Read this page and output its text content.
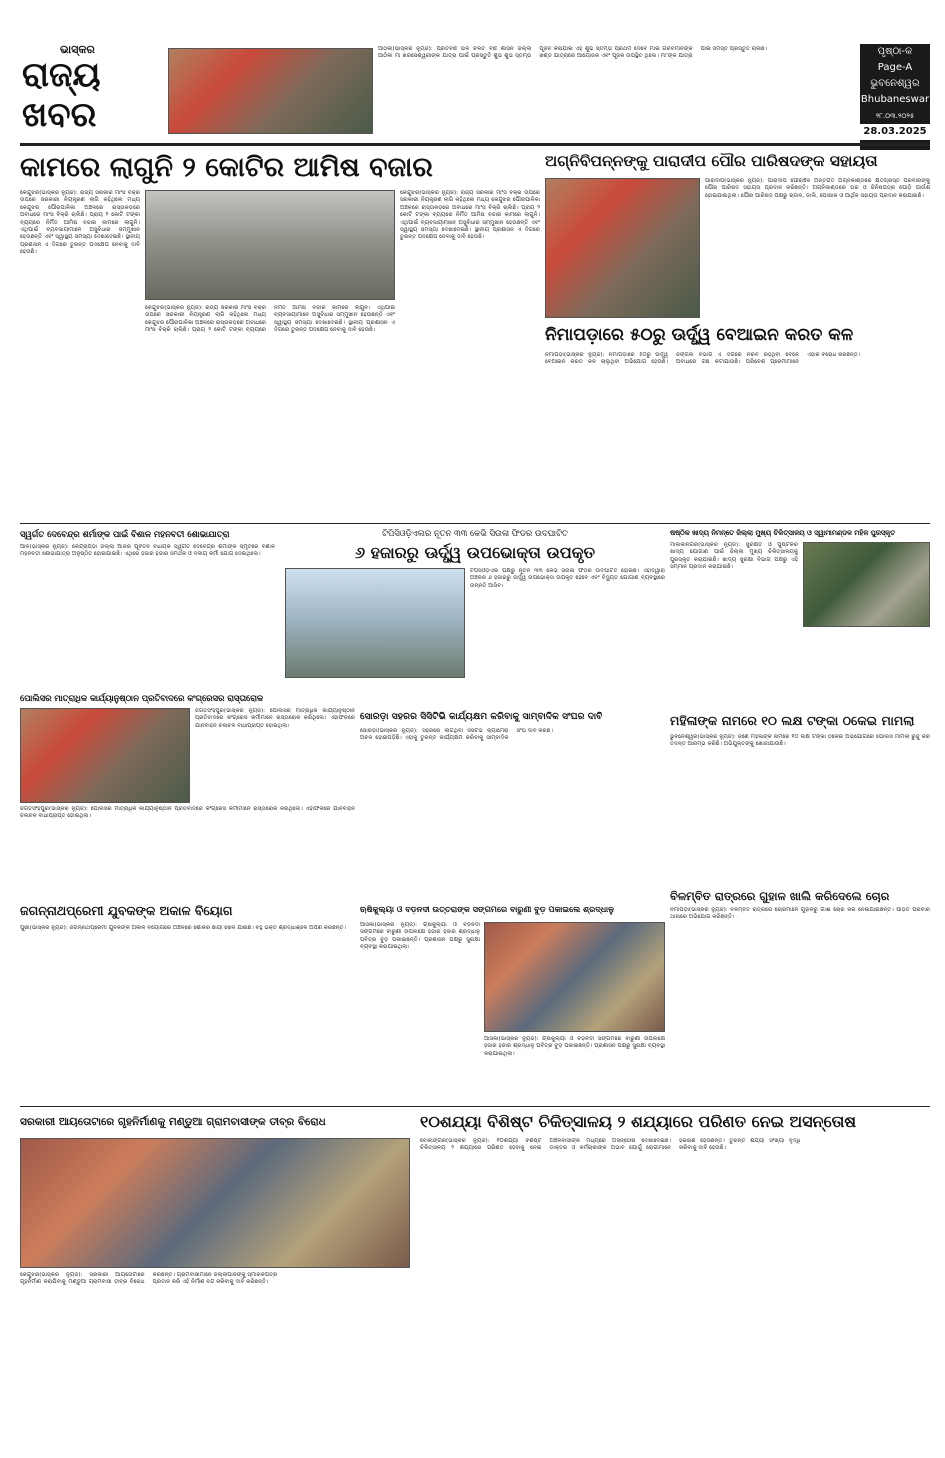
ଭାସ୍କର
ରାଜ୍ୟ
ଖବର
ଆଠିକା(ଭାସ୍କର ନ୍ୟୁଜ): ପ୍ରତିବର୍ଷ ଭଳି ଚଳିତ ବର୍ଷ ଶାସନ ଜିଲ୍ଲା ଆଠିକା ମା ଖରସେଶ୍ୱରୀଙ୍କ ଯାତ୍ରା ପାଇଁ ପ୍ରସ୍ତୁତି ଶୁଭ ଶୁଭ ସ୍ତମ୍ଭ ପୂଜନ କରାଯାଇ ଏହି ଶୁଭ ସ୍ତମ୍ଭ ପ୍ରଥମ ଦେବେ ମାଇ ଗରିବମାନଙ୍କ ଖଣ୍ଡ ଯାତ୍ରାରେ ଆୟୋଜକ ଏବଂ ପୂଜକ ଉପସ୍ଥିତ ଥିଲେ। ମା'ଙ୍କ ଯାତ୍ରା ପାଇଁ ସମସ୍ତ ପ୍ରସ୍ତୁତି ଚାଲିଛି।	ପୃଷ୍ଠା-କ
Page-A
ଭୁବନେଶ୍ୱର
Bhubaneswar
୨୮.୦୩.୨୦୨୫
28.03.2025
କାମରେ ଲାଗୁନି ୨ କୋଟିର ଆମିଷ ବଜାର
କେନ୍ଦୁଝର(ଭାସ୍କର ନ୍ୟୁଜ): ରାଜ୍ୟ ସରକାର ମାଂସ ବିକ୍ରି ଉପରେ ସରକାରୀ ନିୟନ୍ତ୍ରଣ ଲାଗି କହିଥିଲେ ମଧ୍ୟ କେନ୍ଦୁଝର ପୌରପାଳିକା ଅଞ୍ଚଳରେ ରାସ୍ତାକଡ଼ରେ ଅବାଧରେ ମାଂସ ବିକ୍ରି ଚାଲିଛି। ପ୍ରାୟ ୨ କୋଟି ଟଙ୍କା ବ୍ୟୟରେ ନିର୍ମିତ ଆମିଷ ବଜାର କାମରେ ଲାଗୁନି। ଏଥିପାଇଁ ବ୍ୟବସାୟୀମାନେ ଅସୁବିଧାର ସମ୍ମୁଖୀନ ହେଉଛନ୍ତି ଏବଂ ସ୍ୱାସ୍ଥ୍ୟ ସମସ୍ୟା ଦେଖାଦେଇଛି। ସ୍ଥାନୀୟ ପ୍ରଶାସନ ଏ ଦିଗରେ ତୁରନ୍ତ ପଦକ୍ଷେପ ନେବାକୁ ଦାବି ହେଉଛି।
କେନ୍ଦୁଝର(ଭାସ୍କର ନ୍ୟୁଜ): ରାଜ୍ୟ ସରକାର ମାଂସ ବିକ୍ରି ଉପରେ ସରକାରୀ ନିୟନ୍ତ୍ରଣ ଲାଗି କହିଥିଲେ ମଧ୍ୟ କେନ୍ଦୁଝର ପୌରପାଳିକା ଅଞ୍ଚଳରେ ରାସ୍ତାକଡ଼ରେ ଅବାଧରେ ମାଂସ ବିକ୍ରି ଚାଲିଛି। ପ୍ରାୟ ୨ କୋଟି ଟଙ୍କା ବ୍ୟୟରେ ନିର୍ମିତ ଆମିଷ ବଜାର କାମରେ ଲାଗୁନି। ଏଥିପାଇଁ ବ୍ୟବସାୟୀମାନେ ଅସୁବିଧାର ସମ୍ମୁଖୀନ ହେଉଛନ୍ତି ଏବଂ ସ୍ୱାସ୍ଥ୍ୟ ସମସ୍ୟା ଦେଖାଦେଇଛି। ସ୍ଥାନୀୟ ପ୍ରଶାସନ ଏ ଦିଗରେ ତୁରନ୍ତ ପଦକ୍ଷେପ ନେବାକୁ ଦାବି ହେଉଛି।
କେନ୍ଦୁଝର(ଭାସ୍କର ନ୍ୟୁଜ): ରାଜ୍ୟ ସରକାର ମାଂସ ବିକ୍ରି ଉପରେ ସରକାରୀ ନିୟନ୍ତ୍ରଣ ଲାଗି କହିଥିଲେ ମଧ୍ୟ କେନ୍ଦୁଝର ପୌରପାଳିକା ଅଞ୍ଚଳରେ ରାସ୍ତାକଡ଼ରେ ଅବାଧରେ ମାଂସ ବିକ୍ରି ଚାଲିଛି। ପ୍ରାୟ ୨ କୋଟି ଟଙ୍କା ବ୍ୟୟରେ ନିର୍ମିତ ଆମିଷ ବଜାର କାମରେ ଲାଗୁନି। ଏଥିପାଇଁ ବ୍ୟବସାୟୀମାନେ ଅସୁବିଧାର ସମ୍ମୁଖୀନ ହେଉଛନ୍ତି ଏବଂ ସ୍ୱାସ୍ଥ୍ୟ ସମସ୍ୟା ଦେଖାଦେଇଛି। ସ୍ଥାନୀୟ ପ୍ରଶାସନ ଏ ଦିଗରେ ତୁରନ୍ତ ପଦକ୍ଷେପ ନେବାକୁ ଦାବି ହେଉଛି।
ଅଗ୍ନିବିପନ୍ନଙ୍କୁ ପାରାଦୀପ ପୌର ପାରିଷଦଙ୍କ ସହାୟତା
ପାରାଦୀପ(ଭାସ୍କର ନ୍ୟୁଜ): ପାରାଦୀପ ପୌରାଞ୍ଚଳ ଅନ୍ତର୍ଗତ ଅଗ୍ନିକାଣ୍ଡରେ କ୍ଷତିଗ୍ରସ୍ତ ପରିବାରଙ୍କୁ ପୌର ପାରିଷଦ ସହାୟତା ପ୍ରଦାନ କରିଛନ୍ତି। ଅଗ୍ନିକାଣ୍ଡରେ ଘର ଓ ଜିନିଷପତ୍ର ପୋଡ଼ି ପାଉଁଶ ହୋଇଯାଇଥିଲା। ପୌର ପାରିଷଦ ପକ୍ଷରୁ ଚାଉଳ, ଡାଲି, ପୋଷାକ ଓ ଆର୍ଥିକ ସହାୟତା ପ୍ରଦାନ କରାଯାଇଛି।
ନିମାପଡ଼ାରେ ୫୦ରୁ ଊର୍ଦ୍ଧ୍ୱ ବେଆଇନ କରତ କଳ
ନିମାପଡ଼ା(ଭାସ୍କର ନ୍ୟୁଜ): ନିମାପଡ଼ାରେ ୫୦ରୁ ଊର୍ଦ୍ଧ୍ୱ ବେଆଇନ କରତ କଳ ଚାଲୁଥିବା ଅଭିଯୋଗ ହେଉଛି। ଜଙ୍ଗଲ ବିଭାଗ ଏ ଦିଗରେ ନିରବ ରହିଥିବା ବେଳେ ଅବାଧରେ ଗଛ କଟାଯାଉଛି। ପରିବେଶ ପ୍ରେମୀମାନେ ଏହାର ବିରୋଧ କରିଛନ୍ତି।
ସ୍ୱର୍ଗତ ଦେବେନ୍ଦ୍ର ଶର୍ମାଙ୍କ ପାଇଁ ବିଶାଳ ମହନବତୀ ଶୋଭାଯାତ୍ରା
ଆଳି(ଭାସ୍କର ନ୍ୟୁଜ): କେନ୍ଦ୍ରାପଡ଼ା ଜିଲ୍ଲା ଆଳିର ପୂର୍ବତନ ବିଧାୟକ ସ୍ୱର୍ଗତ ଦେବେନ୍ଦ୍ର ଶର୍ମାଙ୍କ ସ୍ମୃତିରେ ବିଶାଳ ମହନବତୀ ଶୋଭାଯାତ୍ରା ଅନୁଷ୍ଠିତ ହୋଇଯାଇଛି। ଏଥିରେ ହଜାର ହଜାର ସମର୍ଥକ ଓ ଦଳୀୟ କର୍ମୀ ଯୋଗ ଦେଇଥିଲେ।
ଟିପିସିଓଡ଼ିଏଲର ନୂତନ ୩୩ କେଭି ସିଉଳା ଫିଡର ଉଦଘାଟିତ
୬ ହଜାରରୁ ଊର୍ଦ୍ଧ୍ୱ ଉପଭୋକ୍ତା ଉପକୃତ
ଟିପିସିଓଡ଼ିଏଲ ପକ୍ଷରୁ ନୂତନ ୩୩ କେଭି ସିଉଳା ଫିଡର ଉଦଘାଟିତ ହୋଇଛି। ଏହାଦ୍ୱାରା ଅଞ୍ଚଳର ୬ ହଜାରରୁ ଊର୍ଦ୍ଧ୍ୱ ଉପଭୋକ୍ତା ଉପକୃତ ହେବେ ଏବଂ ବିଦ୍ୟୁତ ଯୋଗାଣ ବ୍ୟବସ୍ଥାରେ ଉନ୍ନତି ଆସିବ।
ଷଷ୍ଠିକ ଖାଦ୍ୟ ନିମନ୍ତେ ଜିଲ୍ଲା ମୁଖ୍ୟ ଚିକିତ୍ସାଳୟ ଓ ସ୍ୱାମୀମଣ୍ଡଳ ମହିଳ ପୁରସ୍କୃତ
ମାଲକାନଗିରି(ଭାସ୍କର ନ୍ୟୁଜ): ସୁରକ୍ଷିତ ଓ ପୁଷ୍ଟିକର ଖାଦ୍ୟ ଯୋଗାଣ ପାଇଁ ଜିଲ୍ଲା ମୁଖ୍ୟ ଚିକିତ୍ସାଳୟକୁ ପୁରସ୍କୃତ କରାଯାଇଛି। ଖାଦ୍ୟ ସୁରକ୍ଷା ବିଭାଗ ପକ୍ଷରୁ ଏହି ସମ୍ମାନ ପ୍ରଦାନ କରାଯାଇଛି।
ମହିଳାଙ୍କ ନାମରେ ୧୦ ଲକ୍ଷ ଟଙ୍କା ଠକେଇ ମାମଲା
ଭୁବନେଶ୍ୱର(ଭାସ୍କର ନ୍ୟୁଜ): ଜଣେ ମହିଳାଙ୍କ ନାମରେ ୧୦ ଲକ୍ଷ ଟଙ୍କା ଠକେଇ ଅଭିଯୋଗରେ ପୋଲିସ ମାମଲା ରୁଜୁ କରି ତଦନ୍ତ ଆରମ୍ଭ କରିଛି। ଅଭିଯୁକ୍ତଙ୍କୁ ଖୋଜାଯାଉଛି।
ପୋଲିସର ମାତ୍ରାଧିକ କାର୍ଯ୍ୟାନୁଷ୍ଠାନ ପ୍ରତିବାଦରେ କଂଗ୍ରେସର ରାସ୍ତାରୋକ
ଜଗତସିଂହପୁର(ଭାସ୍କର ନ୍ୟୁଜ): ପୋଲିସର ମାତ୍ରାଧିକ କାର୍ଯ୍ୟାନୁଷ୍ଠାନ ପ୍ରତିବାଦରେ କଂଗ୍ରେସ କର୍ମୀମାନେ ରାସ୍ତାରୋକ କରିଥିଲେ। ଏହାଫଳରେ ଯାନବାହନ ଚଳାଚଳ ବାଧାପ୍ରାପ୍ତ ହୋଇଥିଲା।
ଜଗତସିଂହପୁର(ଭାସ୍କର ନ୍ୟୁଜ): ପୋଲିସର ମାତ୍ରାଧିକ କାର୍ଯ୍ୟାନୁଷ୍ଠାନ ପ୍ରତିବାଦରେ କଂଗ୍ରେସ କର୍ମୀମାନେ ରାସ୍ତାରୋକ କରିଥିଲେ। ଏହାଫଳରେ ଯାନବାହନ ଚଳାଚଳ ବାଧାପ୍ରାପ୍ତ ହୋଇଥିଲା।
ସୋରଡ଼ା ସହରର ସିସିଟିଭି କାର୍ଯ୍ୟକ୍ଷମ କରିବାକୁ ସାମ୍ବାଦିକ ସଂଘର ଦାବି
ସୋରଡ଼ା(ଭାସ୍କର ନ୍ୟୁଜ): ସହରରେ ଲାଗିଥିବା ସିସିଟିଭି କ୍ୟାମେରା ଅଚଳ ହୋଇପଡ଼ିଛି। ଏହାକୁ ତୁରନ୍ତ କାର୍ଯ୍ୟକ୍ଷମ କରିବାକୁ ସାମ୍ବାଦିକ ସଂଘ ଦାବି କରିଛି।
ଜଗନ୍ନାଥପ୍ରେମୀ ଯୁବକଙ୍କ ଅକାଳ ବିୟୋଗ
ପୁରୀ(ଭାସ୍କର ନ୍ୟୁଜ): ଜଗନ୍ନାଥପ୍ରେମୀ ଯୁବକଙ୍କ ଅକାଳ ବିୟୋଗରେ ଅଞ୍ଚଳରେ ଶୋକର ଛାୟା ଖେଳି ଯାଇଛି। ବହୁ ଭକ୍ତ ଶ୍ରଦ୍ଧାଞ୍ଜଳି ଅର୍ପଣ କରିଛନ୍ତି।
ଋଷିକୁଲ୍ୟା ଓ ବଡ଼ନଦୀ ଉତ୍ତରାଙ୍କ ସଙ୍ଗମରେ ବାରୁଣୀ ବୁଡ଼ ପକାଇଲେ ଶ୍ରଦ୍ଧାଳୁ
ଆସିକା(ଭାସ୍କର ନ୍ୟୁଜ): ଋଷିକୁଲ୍ୟା ଓ ବଡ଼ନଦୀ ସଙ୍ଗମରେ ବାରୁଣୀ ଉପଲକ୍ଷେ ହଜାର ହଜାର ଶ୍ରଦ୍ଧାଳୁ ପବିତ୍ର ବୁଡ଼ ପକାଇଛନ୍ତି। ପ୍ରଶାସନ ପକ୍ଷରୁ ସୁରକ୍ଷା ବ୍ୟବସ୍ଥା କରାଯାଇଥିଲା।
ଆସିକା(ଭାସ୍କର ନ୍ୟୁଜ): ଋଷିକୁଲ୍ୟା ଓ ବଡ଼ନଦୀ ସଙ୍ଗମରେ ବାରୁଣୀ ଉପଲକ୍ଷେ ହଜାର ହଜାର ଶ୍ରଦ୍ଧାଳୁ ପବିତ୍ର ବୁଡ଼ ପକାଇଛନ୍ତି। ପ୍ରଶାସନ ପକ୍ଷରୁ ସୁରକ୍ଷା ବ୍ୟବସ୍ଥା କରାଯାଇଥିଲା।
ବିଳମ୍ବିତ ରାତ୍ରରେ ଗୁହାଳ ଖାଲି କରିଦେଲେ ଚୋର
ନିମାପଡ଼ା(ଭାସ୍କର ନ୍ୟୁଜ): ବିଳମ୍ବିତ ରାତ୍ରରେ ଚୋରମାନେ ଗୁହାଳରୁ ଗାଈ ଚୋରି କରି ନେଇଯାଇଛନ୍ତି। ପୀଡ଼ିତ ପରିବାର ଥାନାରେ ଅଭିଯୋଗ କରିଛନ୍ତି।
ସରକାରୀ ଆୟତୋଟାରେ ଗୃହନିର୍ମାଣକୁ ମଣ୍ଡୁଆ ଗ୍ରାମବାସୀଙ୍କ ତୀବ୍ର ବିରୋଧ
କେନ୍ଦୁଝର(ଭାସ୍କର ନ୍ୟୁଜ): ସରକାରୀ ଆୟତୋଟାରେ ଗୃହନିର୍ମାଣ କରାଯିବାକୁ ମଣ୍ଡୁଆ ଗ୍ରାମବାସୀ ତୀବ୍ର ବିରୋଧ କରିଛନ୍ତି। ଗ୍ରାମବାସୀମାନେ ଜିଲ୍ଲାପାଳଙ୍କୁ ସ୍ମାରକପତ୍ର ପ୍ରଦାନ କରି ଏହି ନିର୍ମାଣ ବନ୍ଦ କରିବାକୁ ଦାବି କରିଛନ୍ତି।
୧୦ଶଯ୍ୟା ବିଶିଷ୍ଟ ଚିକିତ୍ସାଳୟ ୨ ଶଯ୍ୟାରେ ପରିଣତ ନେଇ ଅସନ୍ତୋଷ
ବୋଲାଙ୍ଗିର(ଭାସ୍କର ନ୍ୟୁଜ): ୧୦ଶଯ୍ୟା ବିଶିଷ୍ଟ ଚିକିତ୍ସାଳୟ ୨ ଶଯ୍ୟାରେ ପରିଣତ ହେବାକୁ ନେଇ ଅଞ୍ଚଳବାସୀଙ୍କ ମଧ୍ୟରେ ଅସନ୍ତୋଷ ଦେଖାଦେଇଛି। ଡାକ୍ତର ଓ କର୍ମଚାରୀଙ୍କ ଅଭାବ ଯୋଗୁଁ ରୋଗୀମାନେ ହଇରାଣ ହେଉଛନ୍ତି। ତୁରନ୍ତ ଶଯ୍ୟା ସଂଖ୍ୟା ବୃଦ୍ଧି କରିବାକୁ ଦାବି ହେଉଛି।
